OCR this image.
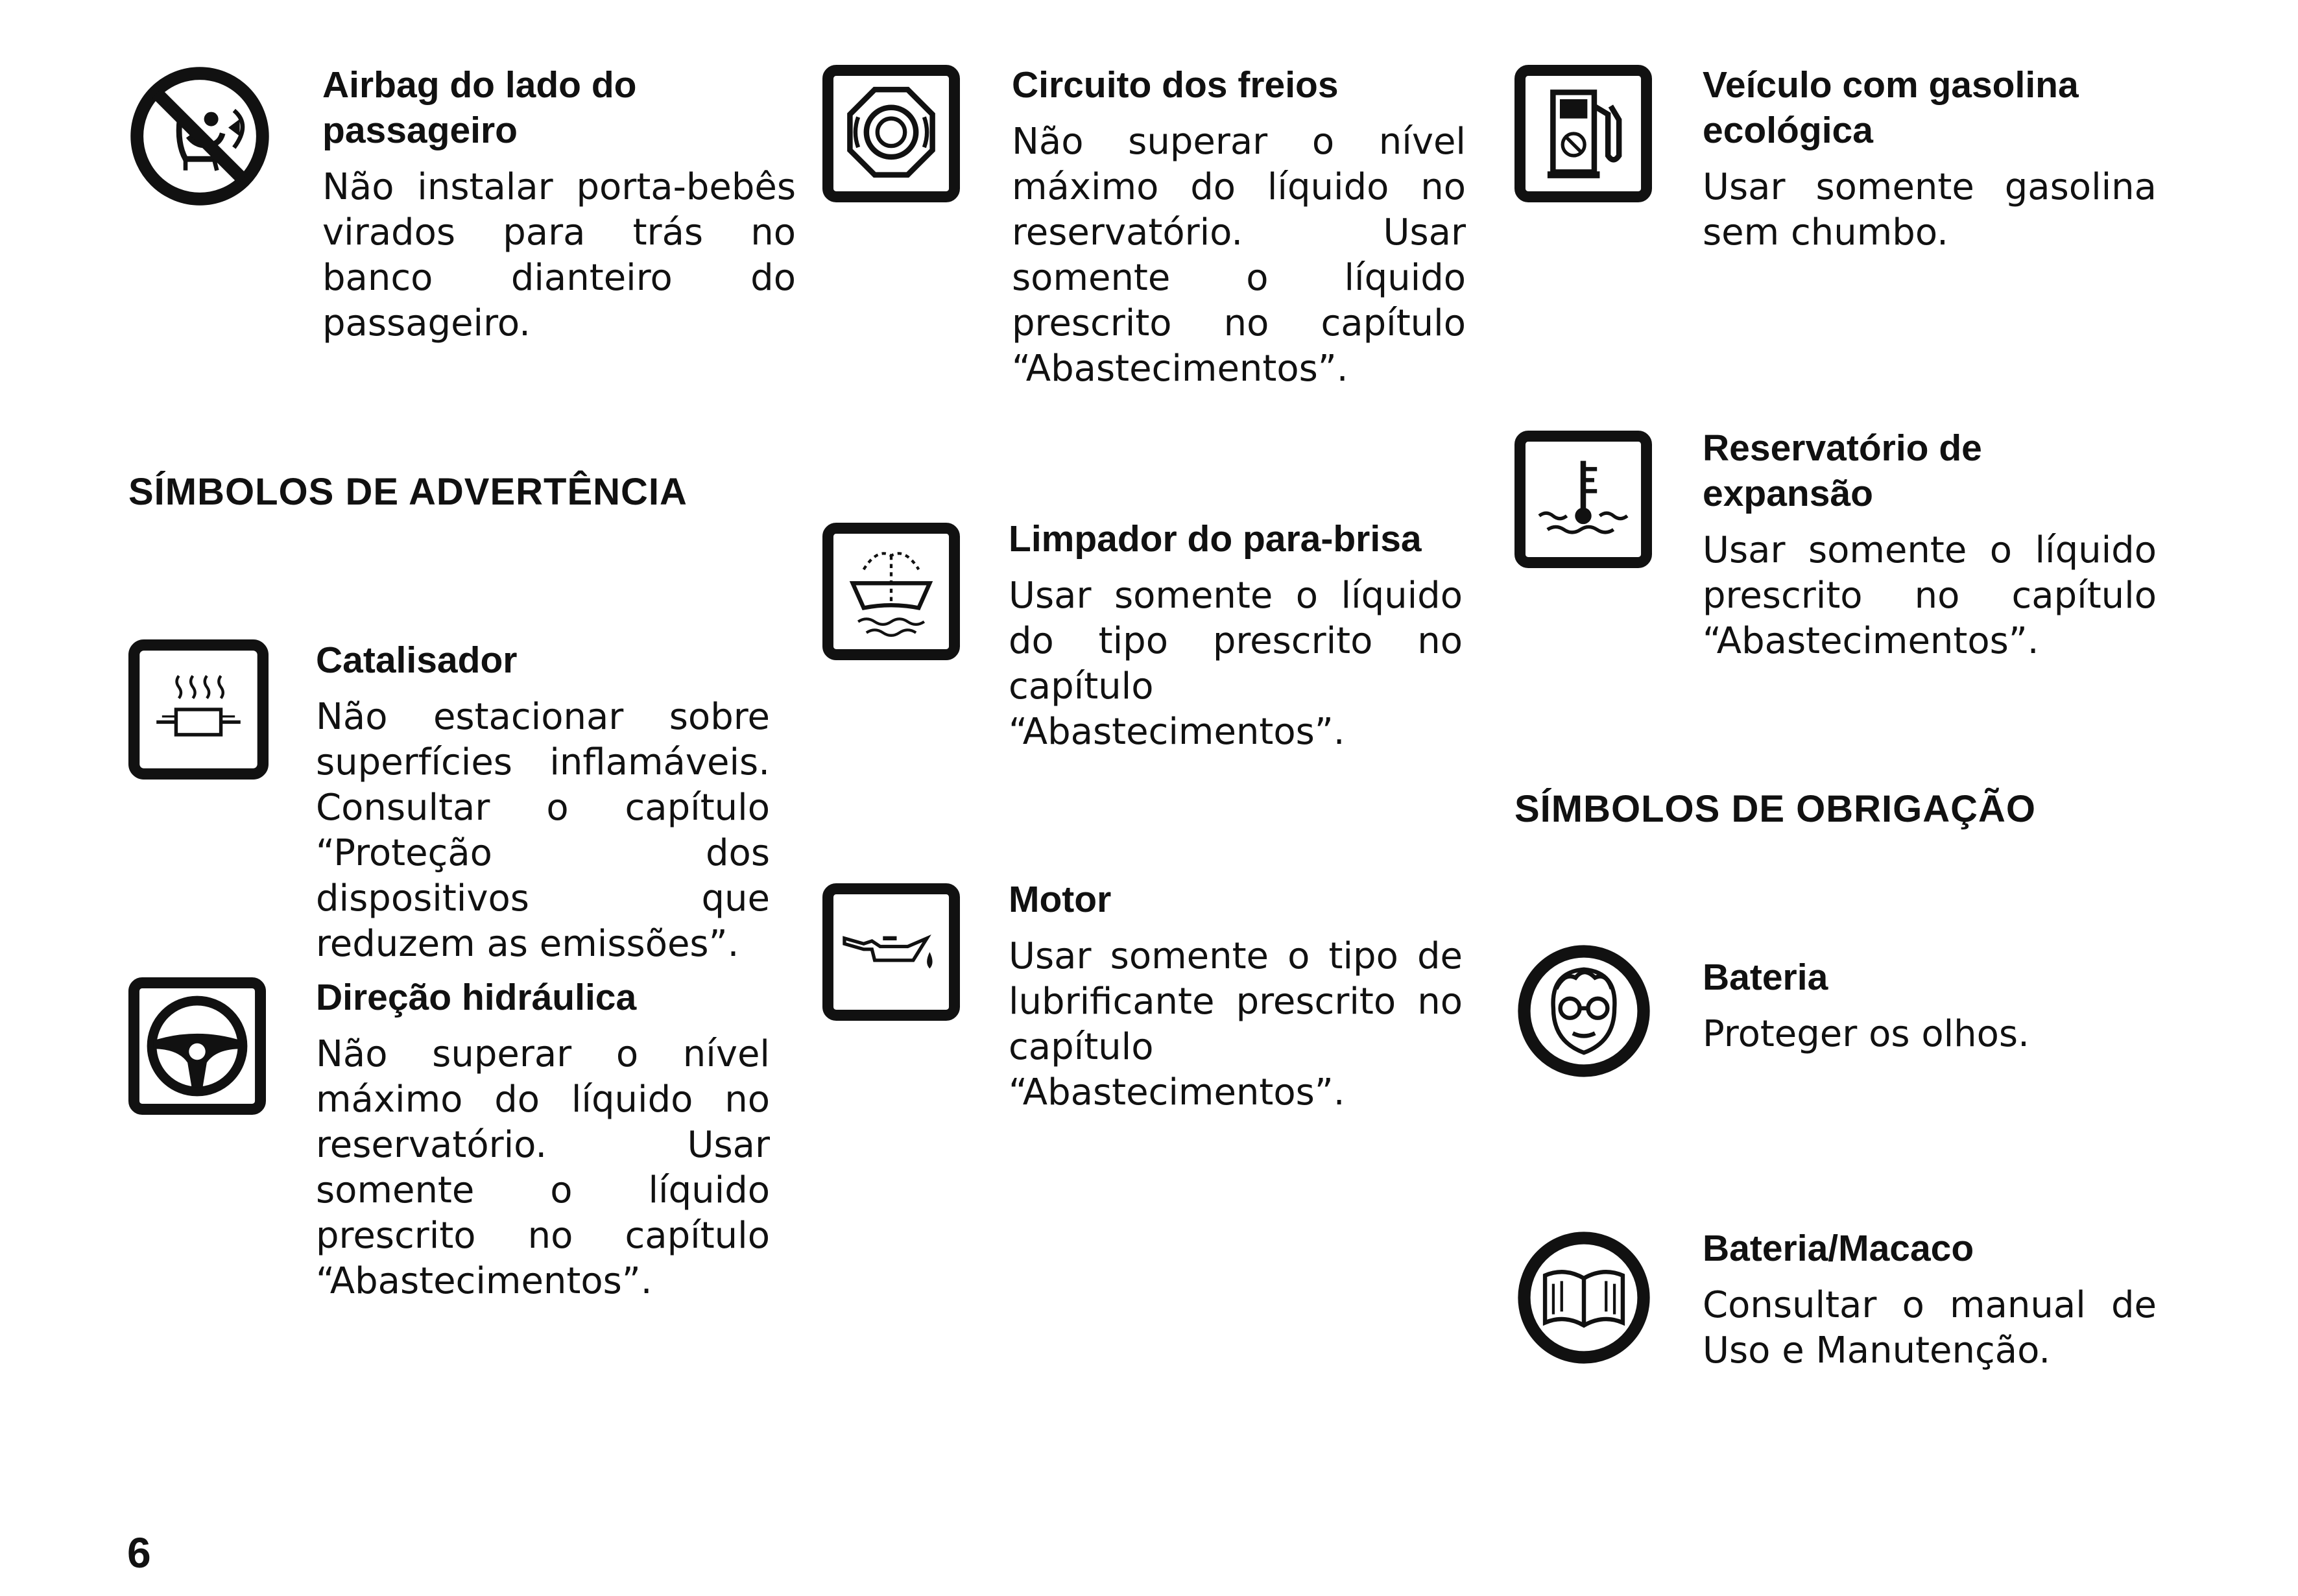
Airbag do lado do passageiro

Não instalar porta-bebês virados para trás no banco dianteiro do passageiro.

SÍMBOLOS DE ADVERTÊNCIA
Catalisador

Não estacionar sobre superfícies inflamáveis. Consultar o capítulo “Proteção dos dispositivos que reduzem as emissões”.

Direção hidráulica

Não superar o nível máximo do líquido no reservatório. Usar somente o líquido prescrito no capítulo “Abastecimentos”.

Circuito dos freios

Não superar o nível máximo do líquido no reservatório. Usar somente o líquido prescrito no capítulo “Abastecimentos”.

Limpador do para-brisa

Usar somente o líquido do tipo prescrito no capítulo “Abastecimentos”.

Motor

Usar somente o tipo de lubrificante prescrito no capítulo “Abastecimentos”.

Veículo com gasolina ecológica

Usar somente gasolina sem chumbo.

Reservatório de expansão

Usar somente o líquido prescrito no capítulo “Abastecimentos”.

SÍMBOLOS DE OBRIGAÇÃO
Bateria

Proteger os olhos.

Bateria/Macaco

Consultar o manual de Uso e Manutenção.

6
